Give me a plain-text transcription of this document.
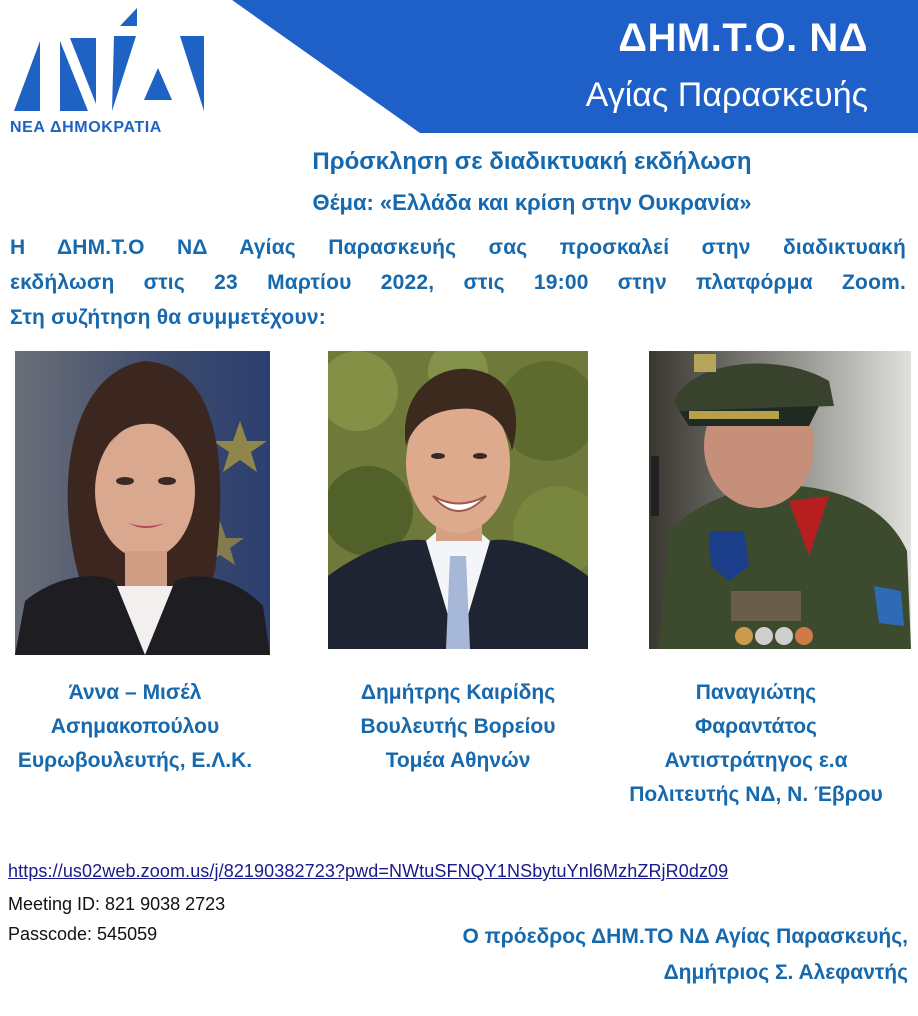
ΔΗΜ.Τ.Ο. ΝΔ
Αγίας Παρασκευής
ΝΕΑ ΔΗΜΟΚΡΑΤΙΑ
Πρόσκληση σε διαδικτυακή εκδήλωση
Θέμα: «Ελλάδα και κρίση στην Ουκρανία»
Η ΔΗΜ.Τ.Ο ΝΔ Αγίας Παρασκευής σας προσκαλεί στην διαδικτυακή
εκδήλωση στις 23 Μαρτίου 2022, στις 19:00 στην πλατφόρμα Zoom.
Στη συζήτηση θα συμμετέχουν:
Άννα – Μισέλ
Ασημακοπούλου
Ευρωβουλευτής, Ε.Λ.Κ.
Δημήτρης Καιρίδης
Βουλευτής Βορείου
Τομέα Αθηνών
Παναγιώτης
Φαραντάτος
Αντιστράτηγος ε.α
Πολιτευτής ΝΔ, Ν. Έβρου
https://us02web.zoom.us/j/82190382723?pwd=NWtuSFNQY1NSbytuYnl6MzhZRjR0dz09
Meeting ID: 821 9038 2723
Passcode: 545059	Ο πρόεδρος ΔΗΜ.ΤΟ ΝΔ Αγίας Παρασκευής,
Δημήτριος Σ. Αλεφαντής
